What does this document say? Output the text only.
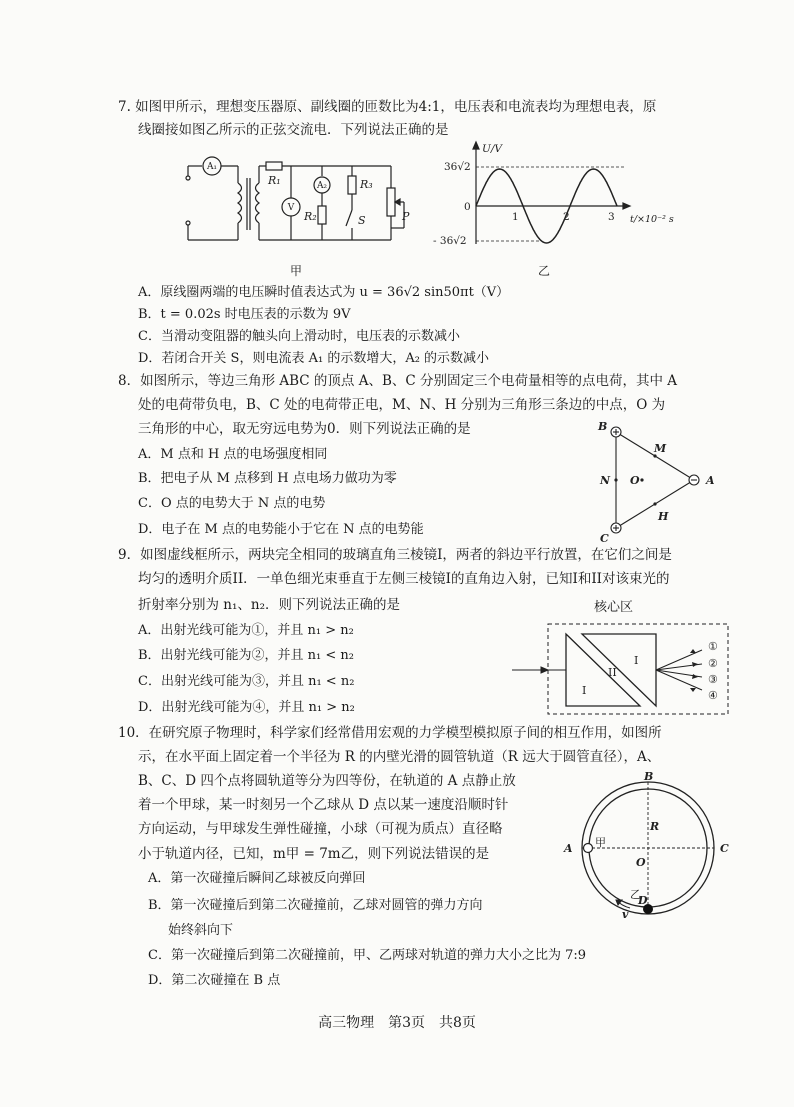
7. 如图甲所示，理想变压器原、副线圈的匝数比为4:1，电压表和电流表均为理想电表，原
线圈接如图乙所示的正弦交流电．下列说法正确的是
A₁
A₂
V
R₁
R₂
R₃
S	P
甲
U/V
36√2
- 36√2
0
1	2	3 t/×10⁻² s
乙
A．原线圈两端的电压瞬时值表达式为 u = 36√2 sin50πt（V）
B．t = 0.02s 时电压表的示数为 9V
C．当滑动变阻器的触头向上滑动时，电压表的示数减小
D．若闭合开关 S，则电流表 A₁ 的示数增大，A₂ 的示数减小
8．如图所示，等边三角形 ABC 的顶点 A、B、C 分别固定三个电荷量相等的点电荷，其中 A
处的电荷带负电，B、C 处的电荷带正电，M、N、H 分别为三角形三条边的中点，O 为
三角形的中心，取无穷远电势为0．则下列说法正确的是	B
C
A
M
H
N O
A．M 点和 H 点的电场强度相同
B．把电子从 M 点移到 H 点电场力做功为零
C．O 点的电势大于 N 点的电势
D．电子在 M 点的电势能小于它在 N 点的电势能
9．如图虚线框所示，两块完全相同的玻璃直角三棱镜I，两者的斜边平行放置，在它们之间是
均匀的透明介质II．一单色细光束垂直于左侧三棱镜I的直角边入射，已知I和II对该束光的
折射率分别为 n₁、n₂．则下列说法正确的是	核心区
I
II
I
①
②
③
④
A．出射光线可能为①，并且 n₁ > n₂
B．出射光线可能为②，并且 n₁ < n₂
C．出射光线可能为③，并且 n₁ < n₂
D．出射光线可能为④，并且 n₁ > n₂
10．在研究原子物理时，科学家们经常借用宏观的力学模型模拟原子间的相互作用，如图所
示，在水平面上固定着一个半径为 R 的内壁光滑的圆管轨道（R 远大于圆管直径），A、
B、C、D 四个点将圆轨道等分为四等份，在轨道的 A 点静止放
着一个甲球，某一时刻另一个乙球从 D 点以某一速度沿顺时针
方向运动，与甲球发生弹性碰撞，小球（可视为质点）直径略
小于轨道内径，已知，m甲 = 7m乙，则下列说法错误的是
B
A	C
O
R
D
v
甲
乙
A．第一次碰撞后瞬间乙球被反向弹回
B．第一次碰撞后到第二次碰撞前，乙球对圆管的弹力方向
始终斜向下
C．第一次碰撞后到第二次碰撞前，甲、乙两球对轨道的弹力大小之比为 7:9
D．第二次碰撞在 B 点
高三物理　第3页　共8页
